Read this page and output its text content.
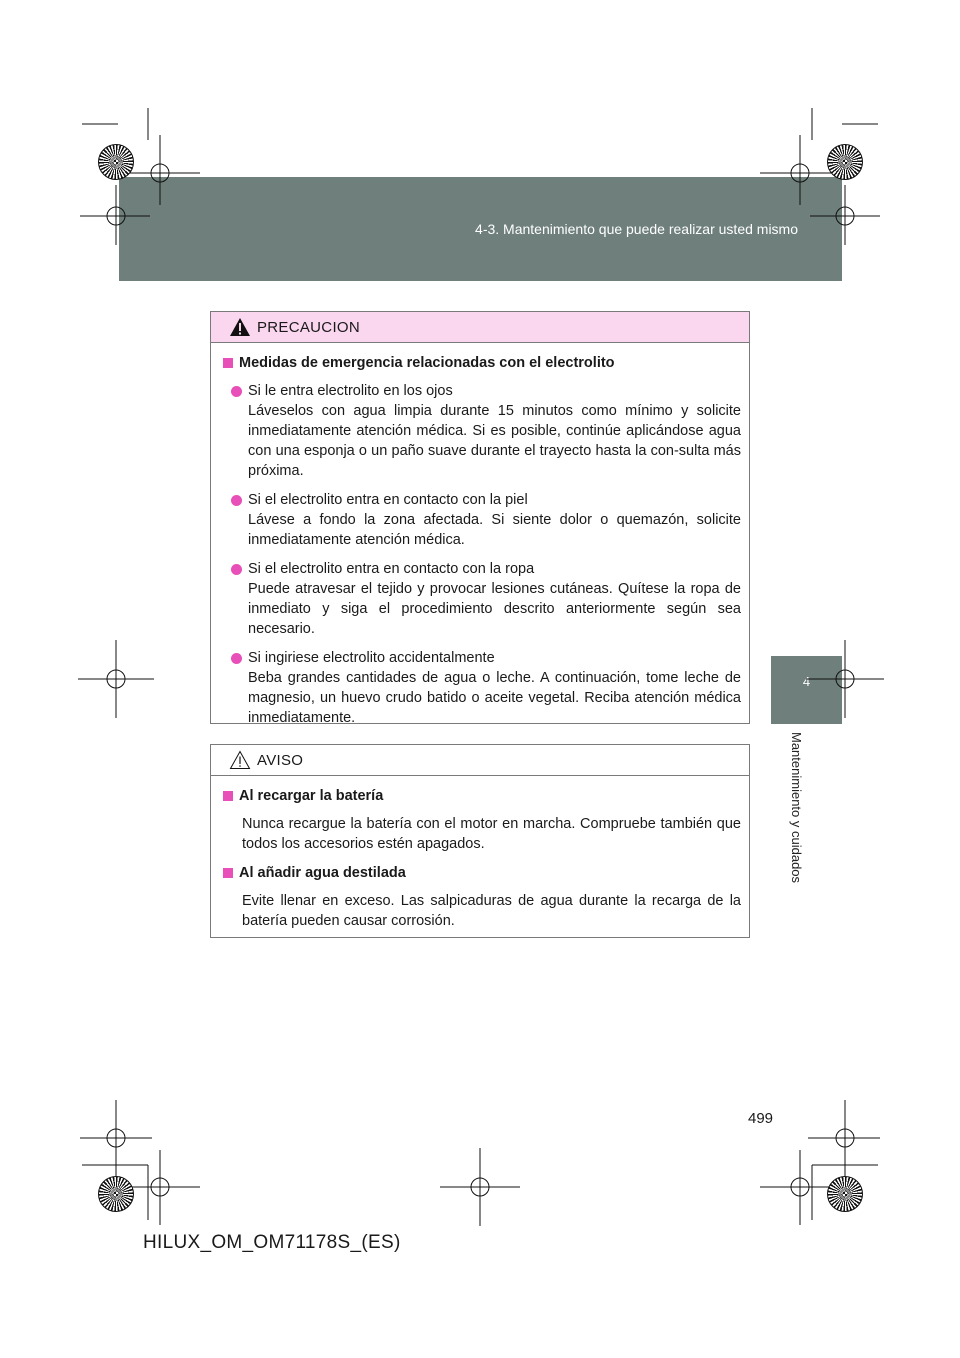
HILUX_OM_OM71178S_(ES).book Page 499 Wednesday, May 16, 2012 3:09 PM
4-3. Mantenimiento que puede realizar usted mismo
4
Mantenimiento y cuidados
PRECAUCION
Medidas de emergencia relacionadas con el electrolito
Si le entra electrolito en los ojos
Láveselos con agua limpia durante 15 minutos como mínimo y solicite inmediatamente atención médica. Si es posible, continúe aplicándose agua con una esponja o un paño suave durante el trayecto hasta la con-sulta más próxima.
Si el electrolito entra en contacto con la piel
Lávese a fondo la zona afectada. Si siente dolor o quemazón, solicite inmediatamente atención médica.
Si el electrolito entra en contacto con la ropa
Puede atravesar el tejido y provocar lesiones cutáneas. Quítese la ropa de inmediato y siga el procedimiento descrito anteriormente según sea necesario.
Si ingiriese electrolito accidentalmente
Beba grandes cantidades de agua o leche. A continuación, tome leche de magnesio, un huevo crudo batido o aceite vegetal. Reciba atención médica inmediatamente.
AVISO
Al recargar la batería

Nunca recargue la batería con el motor en marcha. Compruebe también que todos los accesorios estén apagados.

Al añadir agua destilada

Evite llenar en exceso. Las salpicaduras de agua durante la recarga de la batería pueden causar corrosión.

499
HILUX_OM_OM71178S_(ES)
